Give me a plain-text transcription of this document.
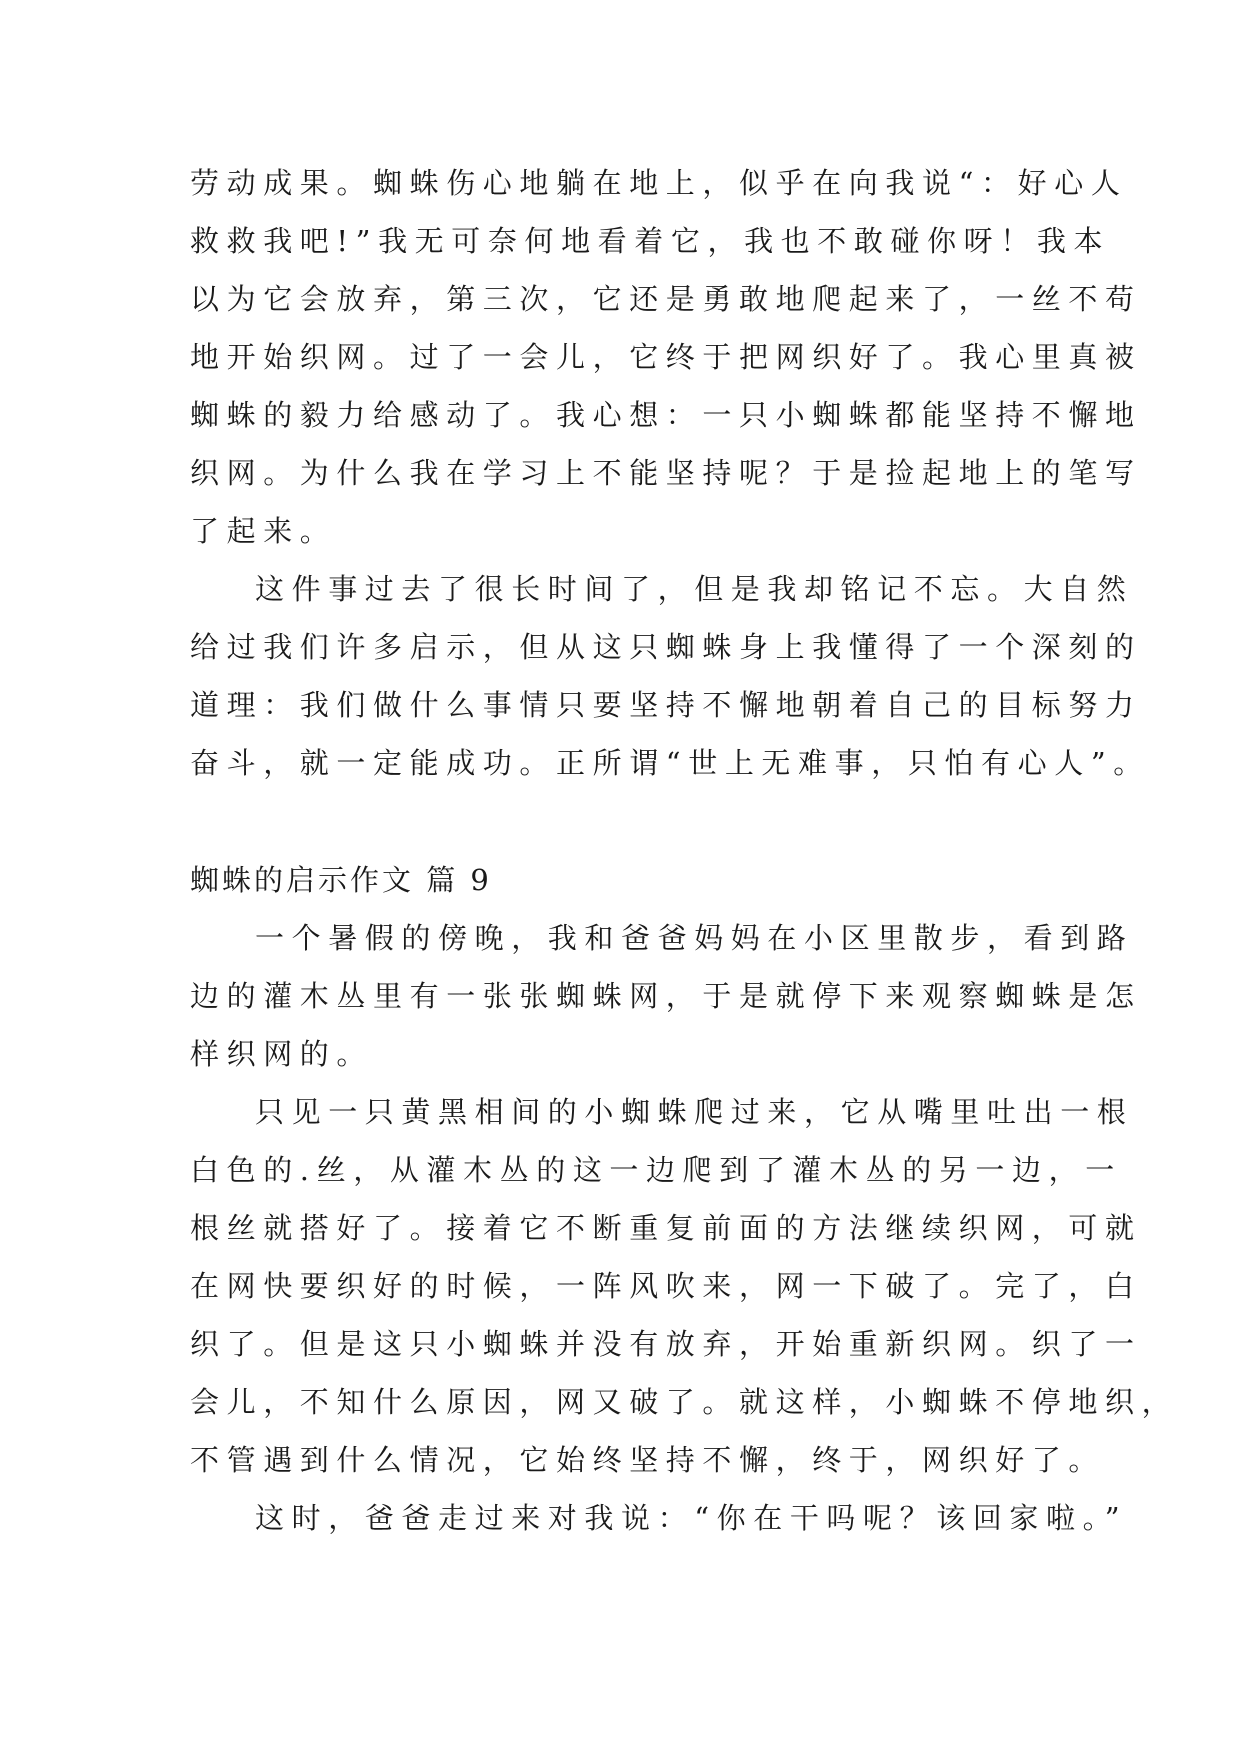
劳动成果。蜘蛛伤心地躺在地上，似乎在向我说“：好心人
救救我吧!”我无可奈何地看着它，我也不敢碰你呀！我本
以为它会放弃，第三次，它还是勇敢地爬起来了，一丝不苟
地开始织网。过了一会儿，它终于把网织好了。我心里真被
蜘蛛的毅力给感动了。我心想：一只小蜘蛛都能坚持不懈地
织网。为什么我在学习上不能坚持呢？于是捡起地上的笔写
了起来。
这件事过去了很长时间了，但是我却铭记不忘。大自然
给过我们许多启示，但从这只蜘蛛身上我懂得了一个深刻的
道理：我们做什么事情只要坚持不懈地朝着自己的目标努力
奋斗，就一定能成功。正所谓“世上无难事，只怕有心人”。
蜘蛛的启示作文 篇 9
一个暑假的傍晚，我和爸爸妈妈在小区里散步，看到路
边的灌木丛里有一张张蜘蛛网，于是就停下来观察蜘蛛是怎
样织网的。
只见一只黄黑相间的小蜘蛛爬过来，它从嘴里吐出一根
白色的.丝，从灌木丛的这一边爬到了灌木丛的另一边，一
根丝就搭好了。接着它不断重复前面的方法继续织网，可就
在网快要织好的时候，一阵风吹来，网一下破了。完了，白
织了。但是这只小蜘蛛并没有放弃，开始重新织网。织了一
会儿，不知什么原因，网又破了。就这样，小蜘蛛不停地织，
不管遇到什么情况，它始终坚持不懈，终于，网织好了。
这时，爸爸走过来对我说：“你在干吗呢？该回家啦。”
